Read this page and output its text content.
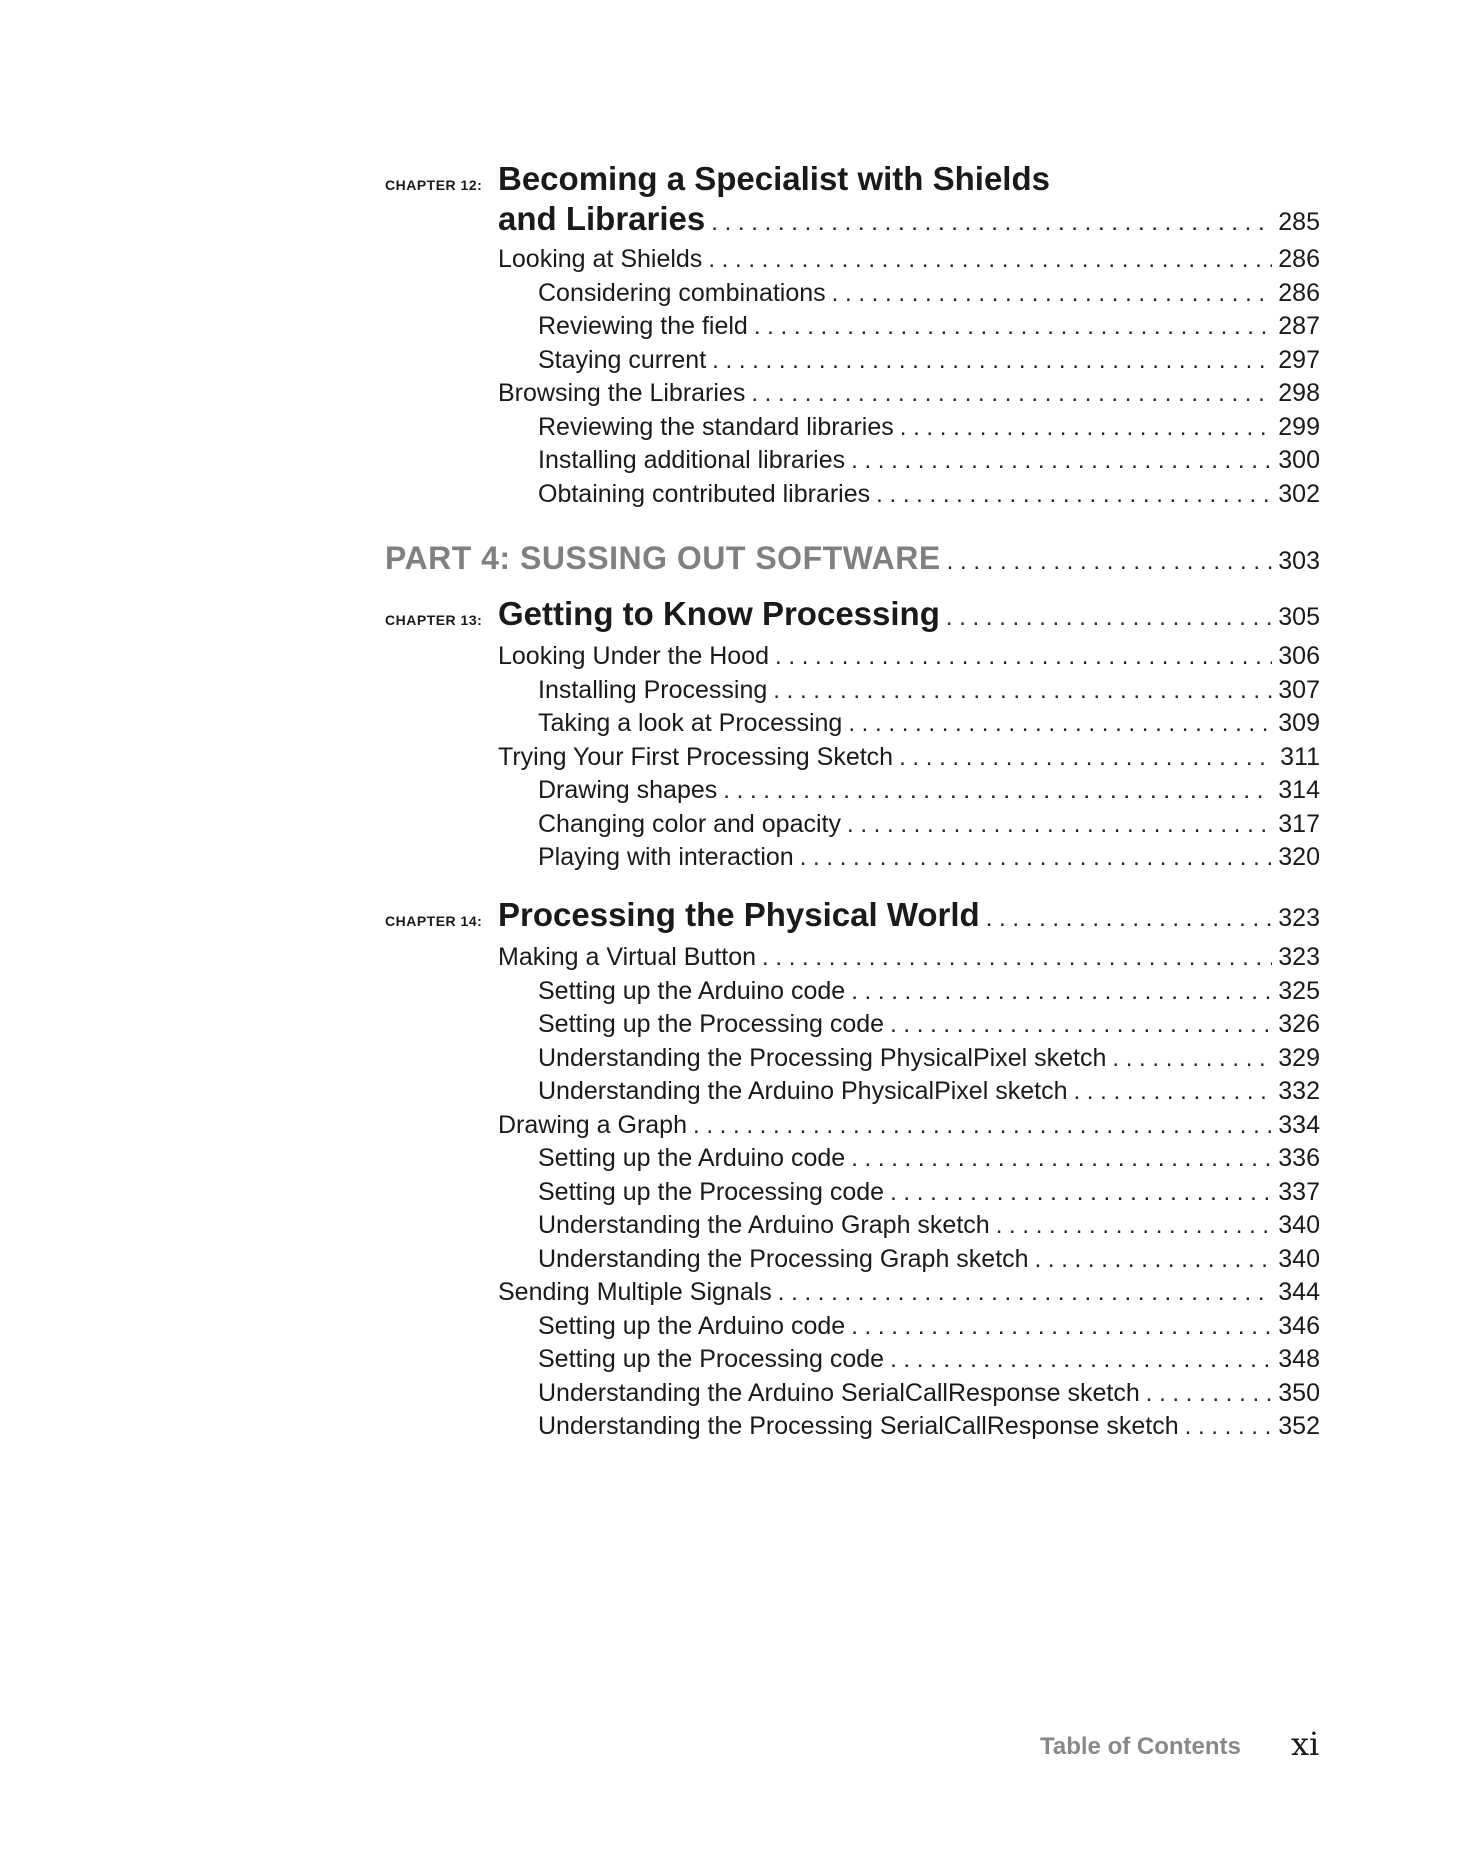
CHAPTER 12: Becoming a Specialist with Shields
and Libraries . . .	285
Looking at Shields . . .	286
Considering combinations . . .	286
Reviewing the field . . .	287
Staying current . . .	297
Browsing the Libraries . . .	298
Reviewing the standard libraries . . .	299
Installing additional libraries . . .	300
Obtaining contributed libraries . . .	302
PART 4: SUSSING OUT SOFTWARE . . .	303
CHAPTER 13: Getting to Know Processing . . .	305
Looking Under the Hood . . .	306
Installing Processing . . .	307
Taking a look at Processing . . .	309
Trying Your First Processing Sketch . . .	311
Drawing shapes . . .	314
Changing color and opacity . . .	317
Playing with interaction . . .	320
CHAPTER 14: Processing the Physical World . . .	323
Making a Virtual Button . . .	323
Setting up the Arduino code . . .	325
Setting up the Processing code . . .	326
Understanding the Processing PhysicalPixel sketch . . .	329
Understanding the Arduino PhysicalPixel sketch . . .	332
Drawing a Graph . . .	334
Setting up the Arduino code . . .	336
Setting up the Processing code . . .	337
Understanding the Arduino Graph sketch . . .	340
Understanding the Processing Graph sketch . . .	340
Sending Multiple Signals . . .	344
Setting up the Arduino code . . .	346
Setting up the Processing code . . .	348
Understanding the Arduino SerialCallResponse sketch . . .	350
Understanding the Processing SerialCallResponse sketch . . .	352
Table of Contents xi
